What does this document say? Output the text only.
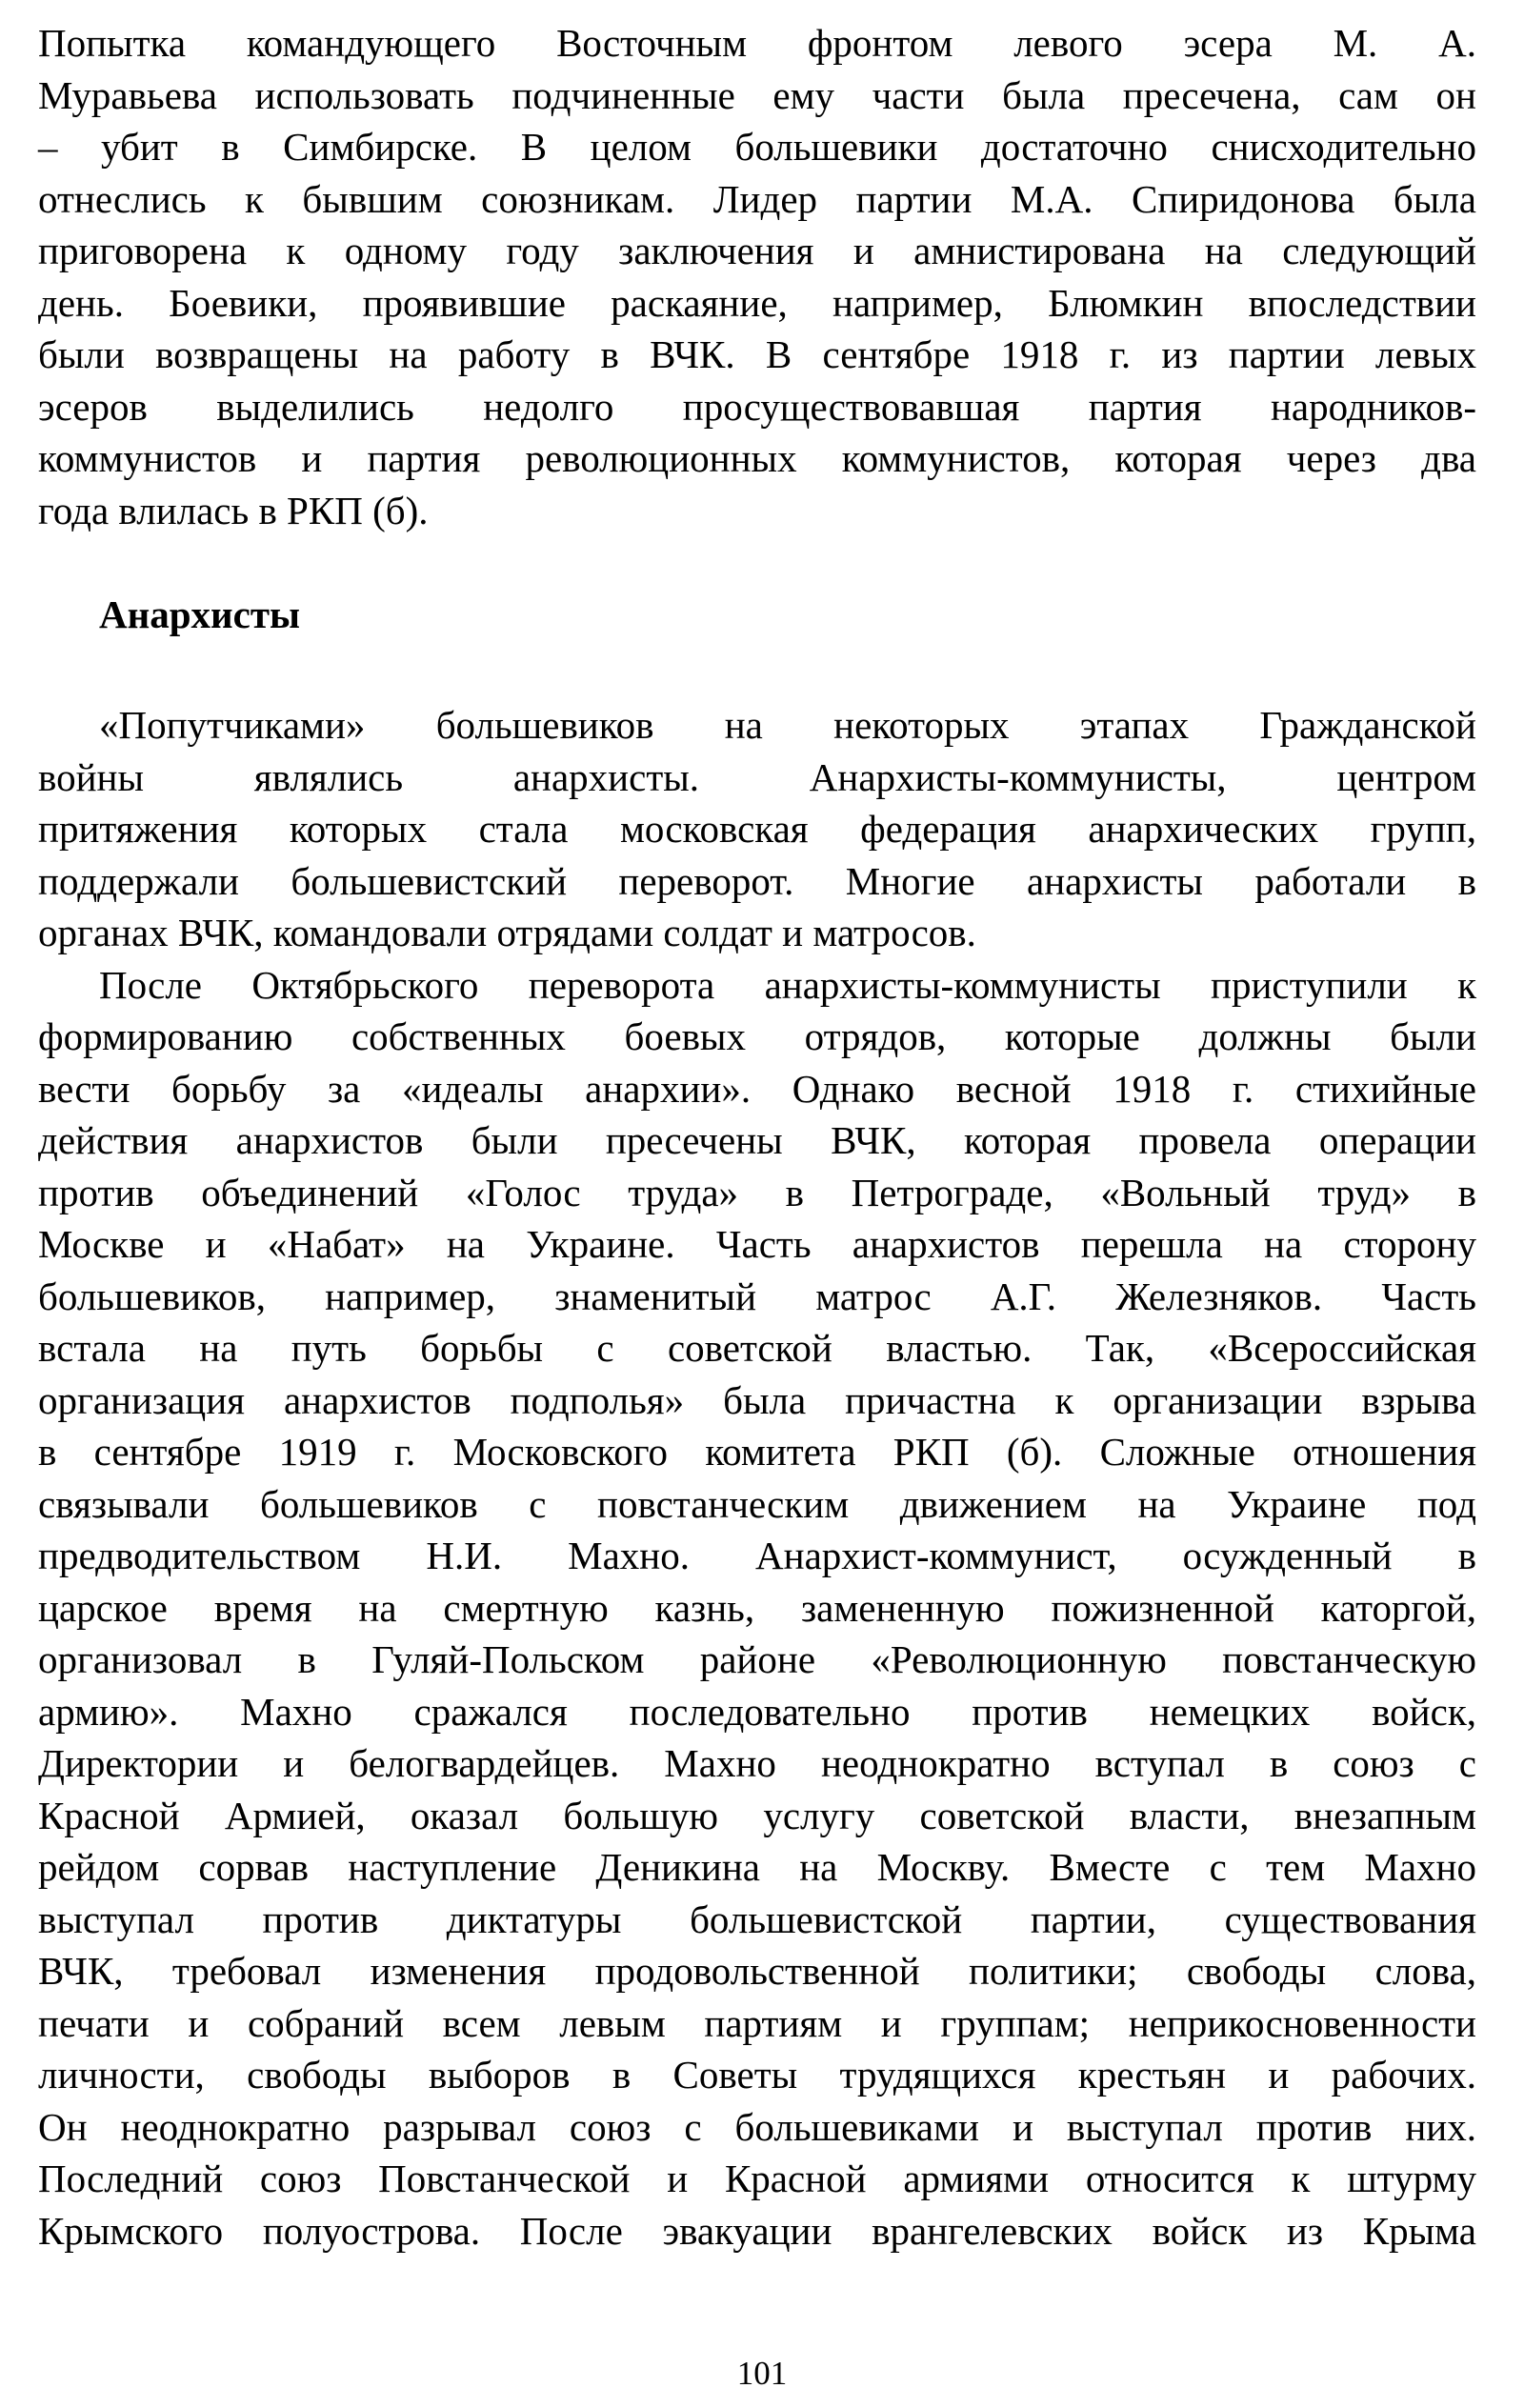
Попытка командующего Восточным фронтом левого эсера М. А.
Муравьева использовать подчиненные ему части была пресечена, сам он
– убит в Симбирске. В целом большевики достаточно снисходительно
отнеслись к бывшим союзникам. Лидер партии М.А. Спиридонова была
приговорена к одному году заключения и амнистирована на следующий
день. Боевики, проявившие раскаяние, например, Блюмкин впоследствии
были возвращены на работу в ВЧК. В сентябре 1918 г. из партии левых
эсеров выделились недолго просуществовавшая партия народников-
коммунистов и партия революционных коммунистов, которая через два
года влилась в РКП (б).
Анархисты
«Попутчиками» большевиков на некоторых этапах Гражданской
войны являлись анархисты. Анархисты-коммунисты, центром
притяжения которых стала московская федерация анархических групп,
поддержали большевистский переворот. Многие анархисты работали в
органах ВЧК, командовали отрядами солдат и матросов.
После Октябрьского переворота анархисты-коммунисты приступили к
формированию собственных боевых отрядов, которые должны были
вести борьбу за «идеалы анархии». Однако весной 1918 г. стихийные
действия анархистов были пресечены ВЧК, которая провела операции
против объединений «Голос труда» в Петрограде, «Вольный труд» в
Москве и «Набат» на Украине. Часть анархистов перешла на сторону
большевиков, например, знаменитый матрос А.Г. Железняков. Часть
встала на путь борьбы с советской властью. Так, «Всероссийская
организация анархистов подполья» была причастна к организации взрыва
в сентябре 1919 г. Московского комитета РКП (б). Сложные отношения
связывали большевиков с повстанческим движением на Украине под
предводительством Н.И. Махно. Анархист-коммунист, осужденный в
царское время на смертную казнь, замененную пожизненной каторгой,
организовал в Гуляй-Польском районе «Революционную повстанческую
армию». Махно сражался последовательно против немецких войск,
Директории и белогвардейцев. Махно неоднократно вступал в союз с
Красной Армией, оказал большую услугу советской власти, внезапным
рейдом сорвав наступление Деникина на Москву. Вместе с тем Махно
выступал против диктатуры большевистской партии, существования
ВЧК, требовал изменения продовольственной политики; свободы слова,
печати и собраний всем левым партиям и группам; неприкосновенности
личности, свободы выборов в Советы трудящихся крестьян и рабочих.
Он неоднократно разрывал союз с большевиками и выступал против них.
Последний союз Повстанческой и Красной армиями относится к штурму
Крымского полуострова. После эвакуации врангелевских войск из Крыма
101
